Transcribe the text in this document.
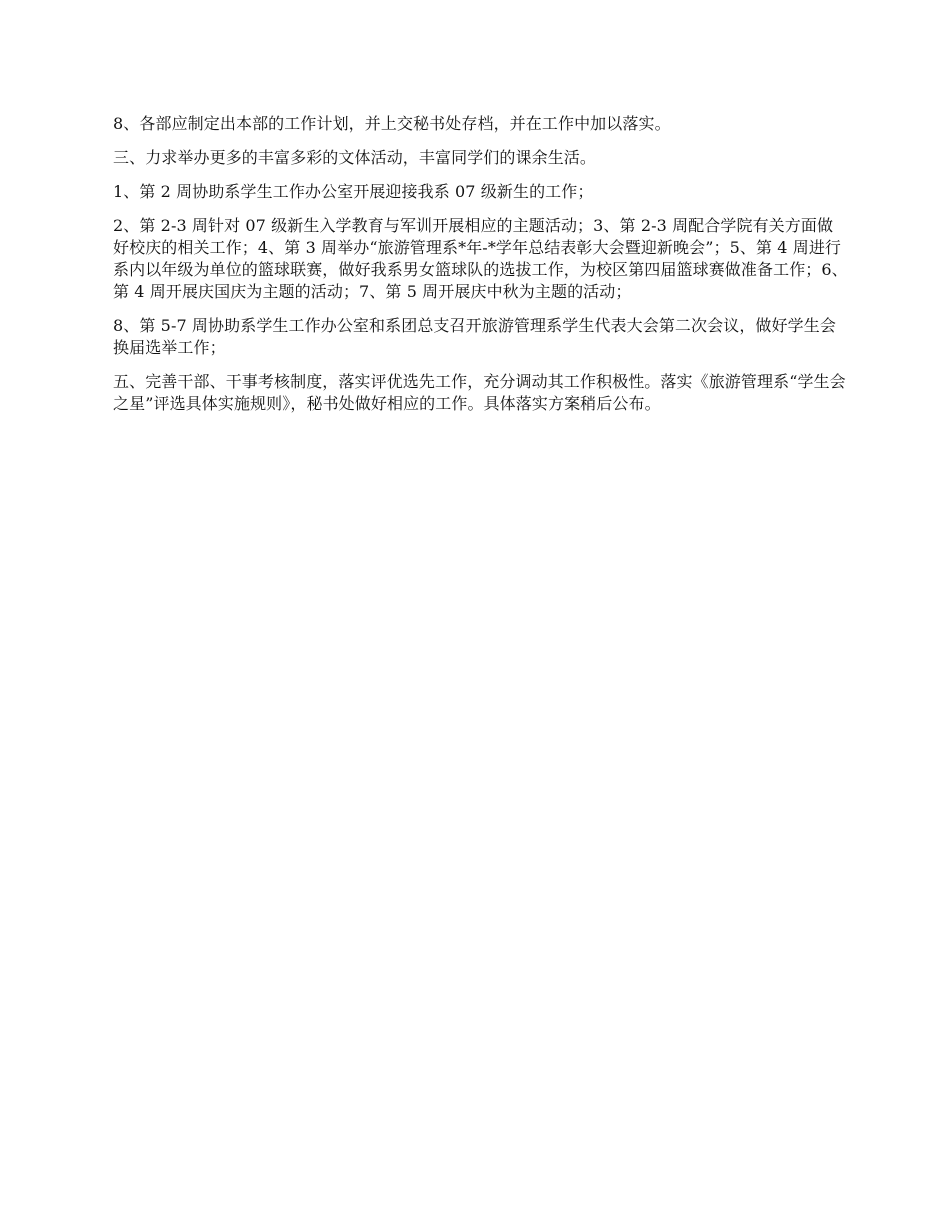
8、各部应制定出本部的工作计划，并上交秘书处存档，并在工作中加以落实。

三、力求举办更多的丰富多彩的文体活动，丰富同学们的课余生活。

1、第 2 周协助系学生工作办公室开展迎接我系 07 级新生的工作；

2、第 2-3 周针对 07 级新生入学教育与军训开展相应的主题活动；3、第 2-3 周配合学院有关方面做好校庆的相关工作；4、第 3 周举办“旅游管理系*年-*学年总结表彰大会暨迎新晚会”；5、第 4 周进行系内以年级为单位的篮球联赛，做好我系男女篮球队的选拔工作，为校区第四届篮球赛做准备工作；6、第 4 周开展庆国庆为主题的活动；7、第 5 周开展庆中秋为主题的活动；

8、第 5-7 周协助系学生工作办公室和系团总支召开旅游管理系学生代表大会第二次会议，做好学生会换届选举工作；

五、完善干部、干事考核制度，落实评优选先工作，充分调动其工作积极性。落实《旅游管理系“学生会之星”评选具体实施规则》，秘书处做好相应的工作。具体落实方案稍后公布。
